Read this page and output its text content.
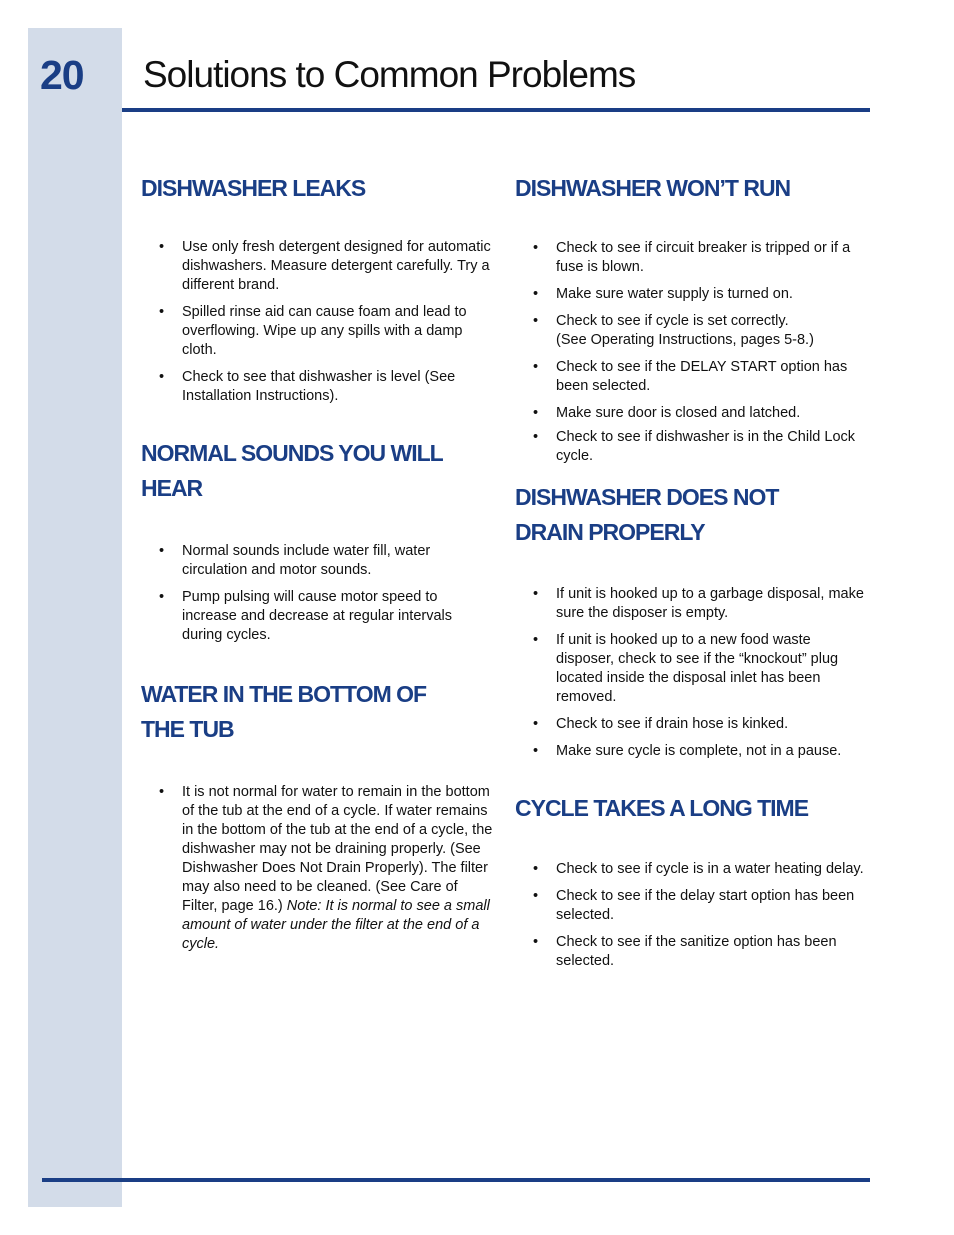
20 Solutions to Common Problems
DISHWASHER LEAKS
• Use only fresh detergent designed for automatic dishwashers. Measure detergent carefully. Try a different brand.
• Spilled rinse aid can cause foam and lead to overflowing. Wipe up any spills with a damp cloth.
• Check to see that dishwasher is level (See Installation Instructions).
NORMAL SOUNDS YOU WILL
HEAR
• Normal sounds include water fill, water circulation and motor sounds.
• Pump pulsing will cause motor speed to increase and decrease at regular intervals during cycles.
WATER IN THE BOTTOM OF
THE TUB
• It is not normal for water to remain in the bottom of the tub at the end of a cycle. If water remains in the bottom of the tub at the end of a cycle, the dishwasher may not be draining properly. (See Dishwasher Does Not Drain Properly). The filter may also need to be cleaned. (See Care of Filter, page 16.) Note: It is normal to see a small amount of water under the filter at the end of a cycle.
DISHWASHER WON’T RUN
• Check to see if circuit breaker is tripped or if a fuse is blown.
• Make sure water supply is turned on.
• Check to see if cycle is set correctly.
(See Operating Instructions, pages 5-8.)
• Check to see if the DELAY START option has been selected.
• Make sure door is closed and latched.
• Check to see if dishwasher is in the Child Lock cycle.
DISHWASHER DOES NOT
DRAIN PROPERLY
• If unit is hooked up to a garbage disposal, make sure the disposer is empty.
• If unit is hooked up to a new food waste disposer, check to see if the “knockout” plug located inside the disposal inlet has been removed.
• Check to see if drain hose is kinked.
• Make sure cycle is complete, not in a pause.
CYCLE TAKES A LONG TIME
• Check to see if cycle is in a water heating delay.
• Check to see if the delay start option has been selected.
• Check to see if the sanitize option has been selected.
